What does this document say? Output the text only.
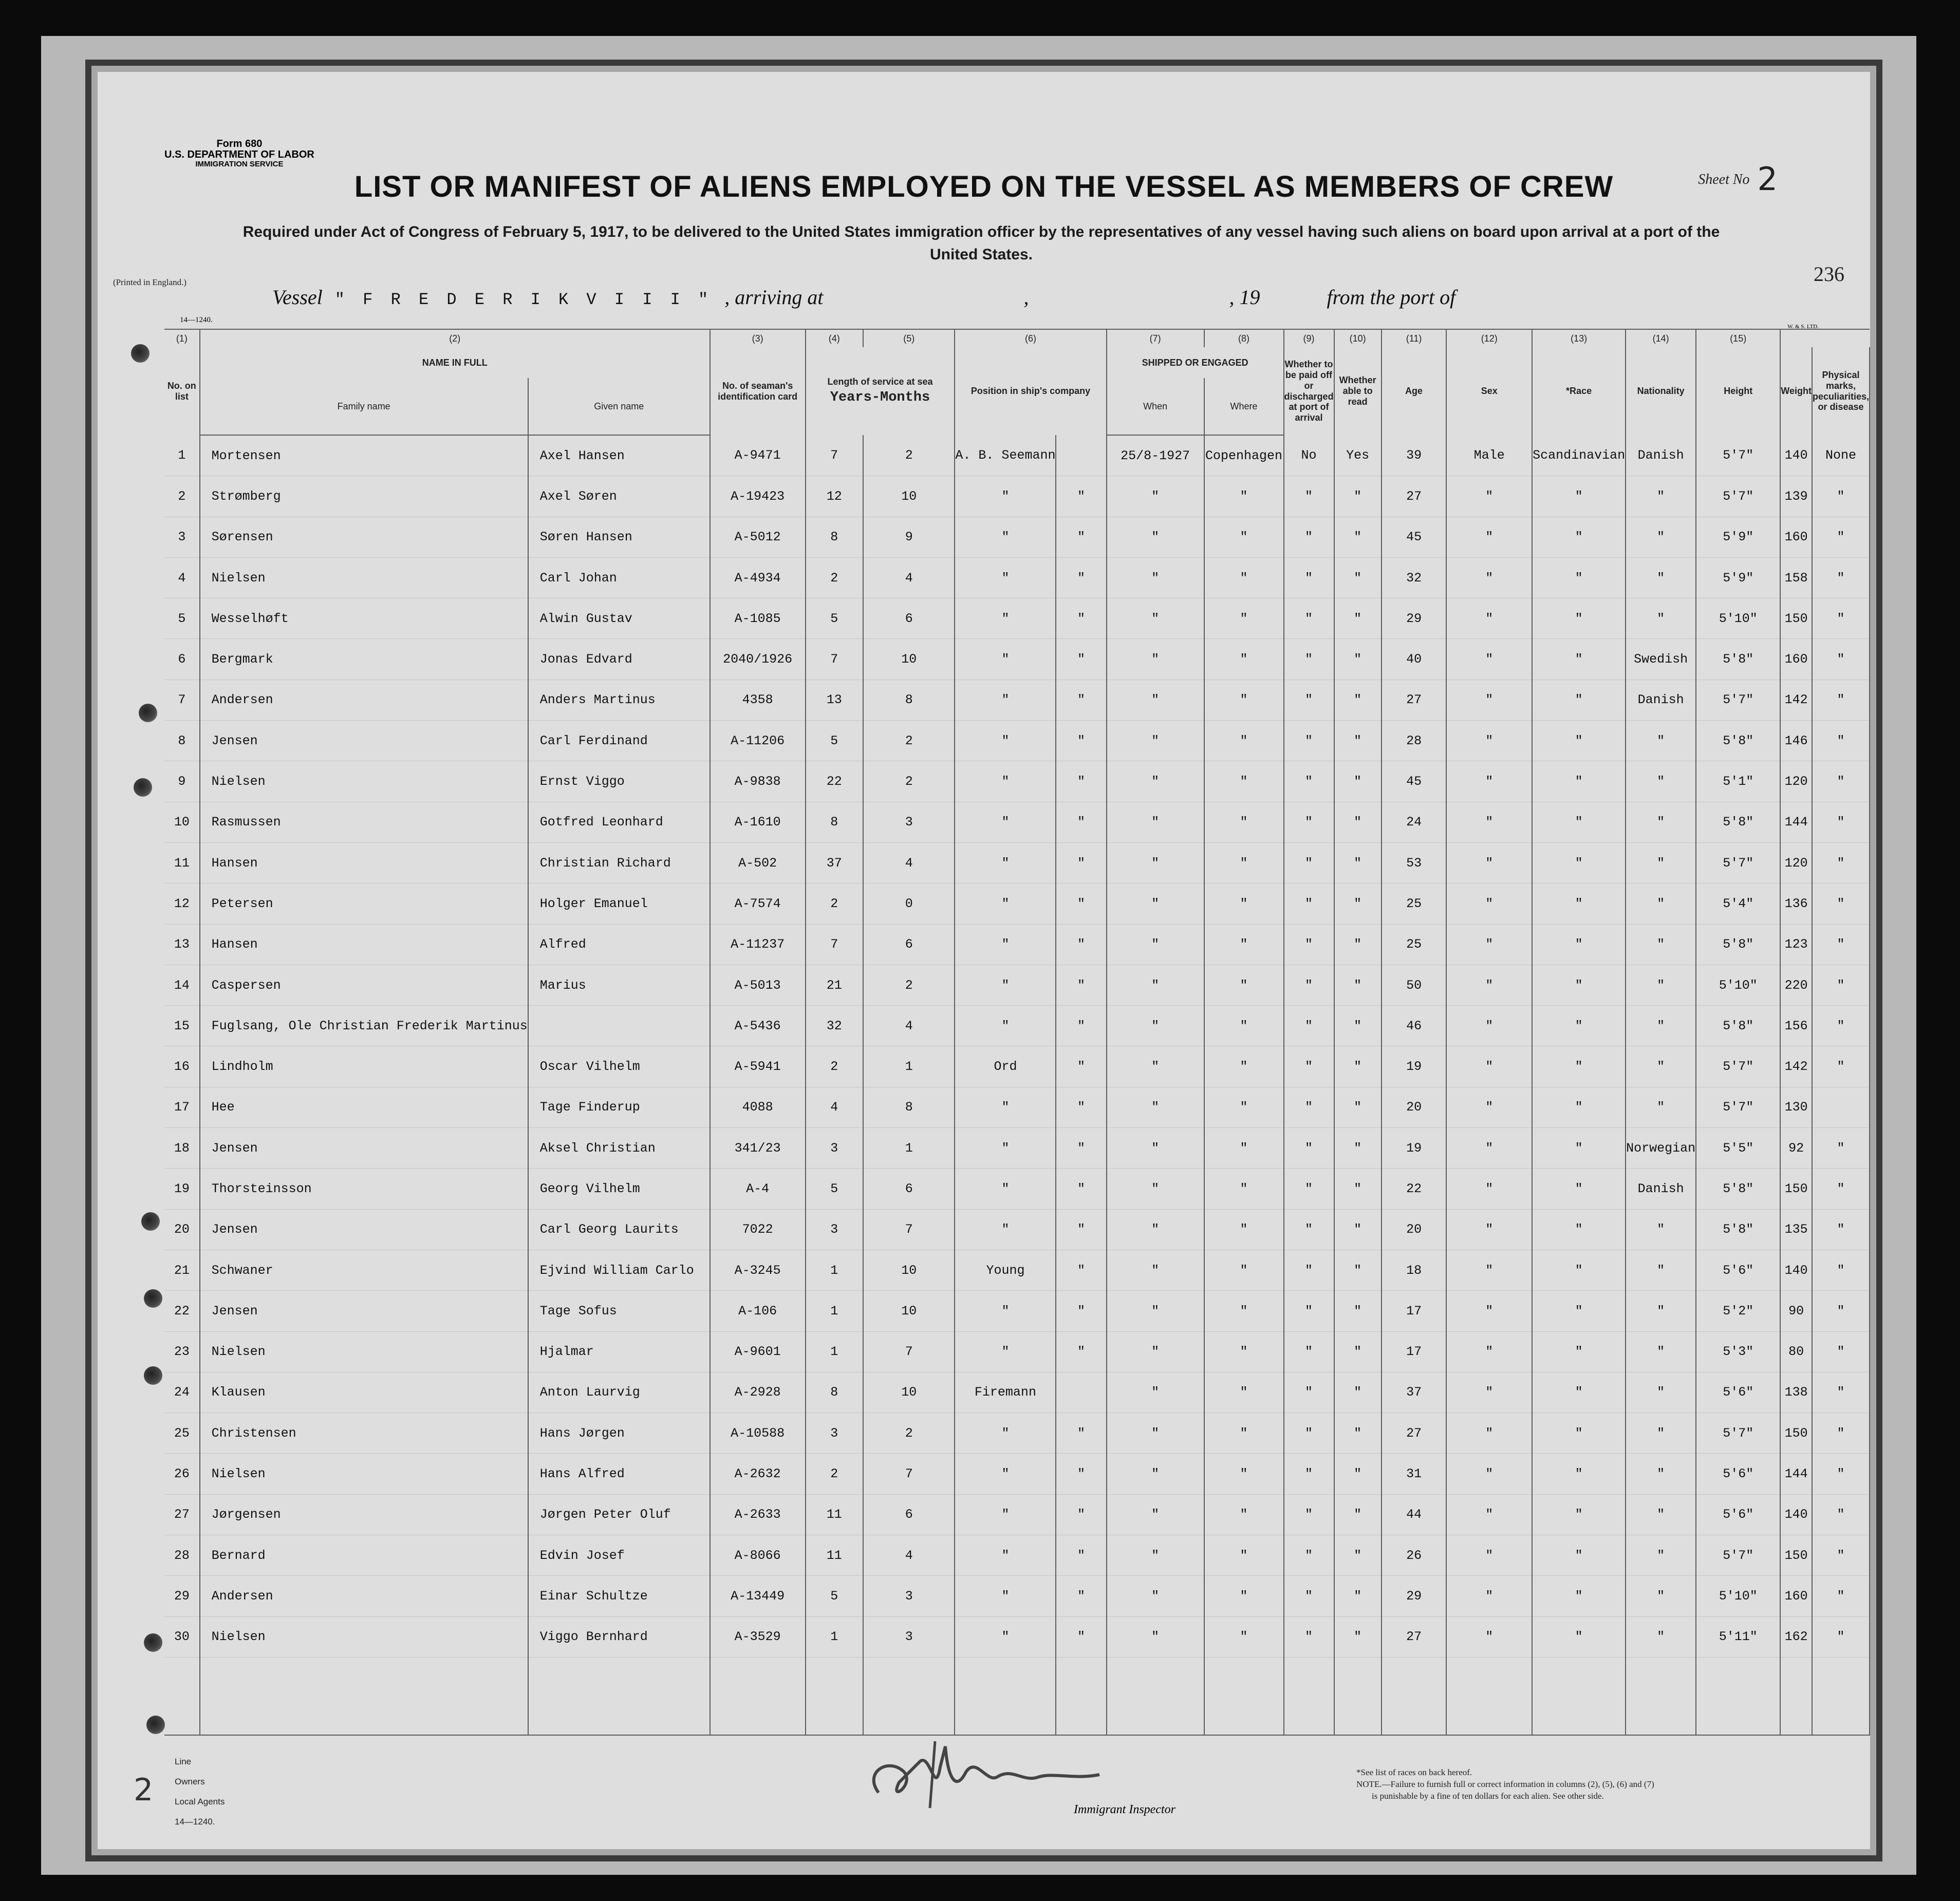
Form 680
U.S. DEPARTMENT OF LABOR
IMMIGRATION SERVICE
Sheet No 2
LIST OR MANIFEST OF ALIENS EMPLOYED ON THE VESSEL AS MEMBERS OF CREW
Required under Act of Congress of February 5, 1917, to be delivered to the United States immigration officer by the representatives of any vessel having such aliens on board upon arrival at a port of the United States.
236
(Printed in England.)
Vessel " F R E D E R I K V I I I " , arriving at	,	, 19	from the port of
14—1240.
W. & S. LTD.
(1)	(2)		(3)	(4)	(5)	(6)		(7)	(8)	(9)	(10)	(11)	(12)	(13)	(14)	(15)		
No. on list	NAME IN FULL		No. of seaman's identification card	Length of service at sea
Years-Months		Position in ship's company		SHIPPED OR ENGAGED		Whether to be paid off or discharged at port of arrival	Whether able to read	Age	Sex	*Race	Nationality	Height	Weight	Physical marks, peculiarities, or disease
	Family name	Given name						When	Where									
1	Mortensen	Axel Hansen	A-9471	7	2	A. B. Seemann		25/8-1927	Copenhagen	No	Yes	39	Male	Scandinavian	Danish	5'7"	140	None
2	Strømberg	Axel Søren	A-19423	12	10	"	"	"	"	"	"	27	"	"	"	5'7"	139	"
3	Sørensen	Søren Hansen	A-5012	8	9	"	"	"	"	"	"	45	"	"	"	5'9"	160	"
4	Nielsen	Carl Johan	A-4934	2	4	"	"	"	"	"	"	32	"	"	"	5'9"	158	"
5	Wesselhøft	Alwin Gustav	A-1085	5	6	"	"	"	"	"	"	29	"	"	"	5'10"	150	"
6	Bergmark	Jonas Edvard	2040/1926	7	10	"	"	"	"	"	"	40	"	"	Swedish	5'8"	160	"
7	Andersen	Anders Martinus	4358	13	8	"	"	"	"	"	"	27	"	"	Danish	5'7"	142	"
8	Jensen	Carl Ferdinand	A-11206	5	2	"	"	"	"	"	"	28	"	"	"	5'8"	146	"
9	Nielsen	Ernst Viggo	A-9838	22	2	"	"	"	"	"	"	45	"	"	"	5'1"	120	"
10	Rasmussen	Gotfred Leonhard	A-1610	8	3	"	"	"	"	"	"	24	"	"	"	5'8"	144	"
11	Hansen	Christian Richard	A-502	37	4	"	"	"	"	"	"	53	"	"	"	5'7"	120	"
12	Petersen	Holger Emanuel	A-7574	2	0	"	"	"	"	"	"	25	"	"	"	5'4"	136	"
13	Hansen	Alfred	A-11237	7	6	"	"	"	"	"	"	25	"	"	"	5'8"	123	"
14	Caspersen	Marius	A-5013	21	2	"	"	"	"	"	"	50	"	"	"	5'10"	220	"
15	Fuglsang, Ole Christian Frederik Martinus		A-5436	32	4	"	"	"	"	"	"	46	"	"	"	5'8"	156	"
16	Lindholm	Oscar Vilhelm	A-5941	2	1	Ord	"	"	"	"	"	19	"	"	"	5'7"	142	"
17	Hee	Tage Finderup	4088	4	8	"	"	"	"	"	"	20	"	"	"	5'7"	130	
18	Jensen	Aksel Christian	341/23	3	1	"	"	"	"	"	"	19	"	"	Norwegian	5'5"	92	"
19	Thorsteinsson	Georg Vilhelm	A-4	5	6	"	"	"	"	"	"	22	"	"	Danish	5'8"	150	"
20	Jensen	Carl Georg Laurits	7022	3	7	"	"	"	"	"	"	20	"	"	"	5'8"	135	"
21	Schwaner	Ejvind William Carlo	A-3245	1	10	Young	"	"	"	"	"	18	"	"	"	5'6"	140	"
22	Jensen	Tage Sofus	A-106	1	10	"	"	"	"	"	"	17	"	"	"	5'2"	90	"
23	Nielsen	Hjalmar	A-9601	1	7	"	"	"	"	"	"	17	"	"	"	5'3"	80	"
24	Klausen	Anton Laurvig	A-2928	8	10	Firemann		"	"	"	"	37	"	"	"	5'6"	138	"
25	Christensen	Hans Jørgen	A-10588	3	2	"	"	"	"	"	"	27	"	"	"	5'7"	150	"
26	Nielsen	Hans Alfred	A-2632	2	7	"	"	"	"	"	"	31	"	"	"	5'6"	144	"
27	Jørgensen	Jørgen Peter Oluf	A-2633	11	6	"	"	"	"	"	"	44	"	"	"	5'6"	140	"
28	Bernard	Edvin Josef	A-8066	11	4	"	"	"	"	"	"	26	"	"	"	5'7"	150	"
29	Andersen	Einar Schultze	A-13449	5	3	"	"	"	"	"	"	29	"	"	"	5'10"	160	"
30	Nielsen	Viggo Bernhard	A-3529	1	3	"	"	"	"	"	"	27	"	"	"	5'11"	162	"

Line
Owners
Local Agents
14—1240.
Immigrant Inspector
*See list of races on back hereof.
NOTE.—Failure to furnish full or correct information in columns (2), (5), (6) and (7)
is punishable by a fine of ten dollars for each alien. See other side.
2
